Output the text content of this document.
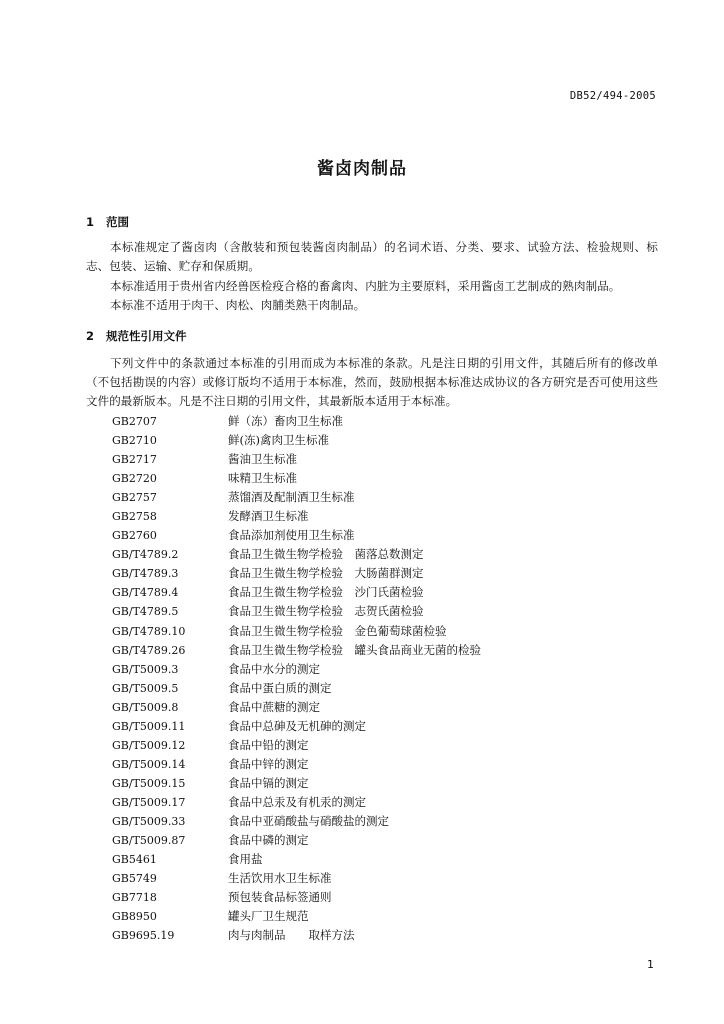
DB52/494-2005
酱卤肉制品
1 范围
本标准规定了酱卤肉（含散装和预包装酱卤肉制品）的名词术语、分类、要求、试验方法、检验规则、标志、包装、运输、贮存和保质期。
本标准适用于贵州省内经兽医检疫合格的畜禽肉、内脏为主要原料，采用酱卤工艺制成的熟肉制品。
本标准不适用于肉干、肉松、肉脯类熟干肉制品。
2 规范性引用文件
下列文件中的条款通过本标准的引用而成为本标准的条款。凡是注日期的引用文件，其随后所有的修改单（不包括勘误的内容）或修订版均不适用于本标准，然而，鼓励根据本标准达成协议的各方研究是否可使用这些文件的最新版本。凡是不注日期的引用文件，其最新版本适用于本标准。
GB2707	鲜（冻）畜肉卫生标准
GB2710	鲜(冻)禽肉卫生标准
GB2717	酱油卫生标准
GB2720	味精卫生标准
GB2757	蒸馏酒及配制酒卫生标准
GB2758	发酵酒卫生标准
GB2760	食品添加剂使用卫生标准
GB/T4789.2	食品卫生微生物学检验　菌落总数测定
GB/T4789.3	食品卫生微生物学检验　大肠菌群测定
GB/T4789.4	食品卫生微生物学检验　沙门氏菌检验
GB/T4789.5	食品卫生微生物学检验　志贺氏菌检验
GB/T4789.10	食品卫生微生物学检验　金色葡萄球菌检验
GB/T4789.26	食品卫生微生物学检验　罐头食品商业无菌的检验
GB/T5009.3	食品中水分的测定
GB/T5009.5	食品中蛋白质的测定
GB/T5009.8	食品中蔗糖的测定
GB/T5009.11	食品中总砷及无机砷的测定
GB/T5009.12	食品中铅的测定
GB/T5009.14	食品中锌的测定
GB/T5009.15	食品中镉的测定
GB/T5009.17	食品中总汞及有机汞的测定
GB/T5009.33	食品中亚硝酸盐与硝酸盐的测定
GB/T5009.87	食品中磷的测定
GB5461	食用盐
GB5749	生活饮用水卫生标准
GB7718	预包装食品标签通则
GB8950	罐头厂卫生规范
GB9695.19	肉与肉制品　　取样方法
1
